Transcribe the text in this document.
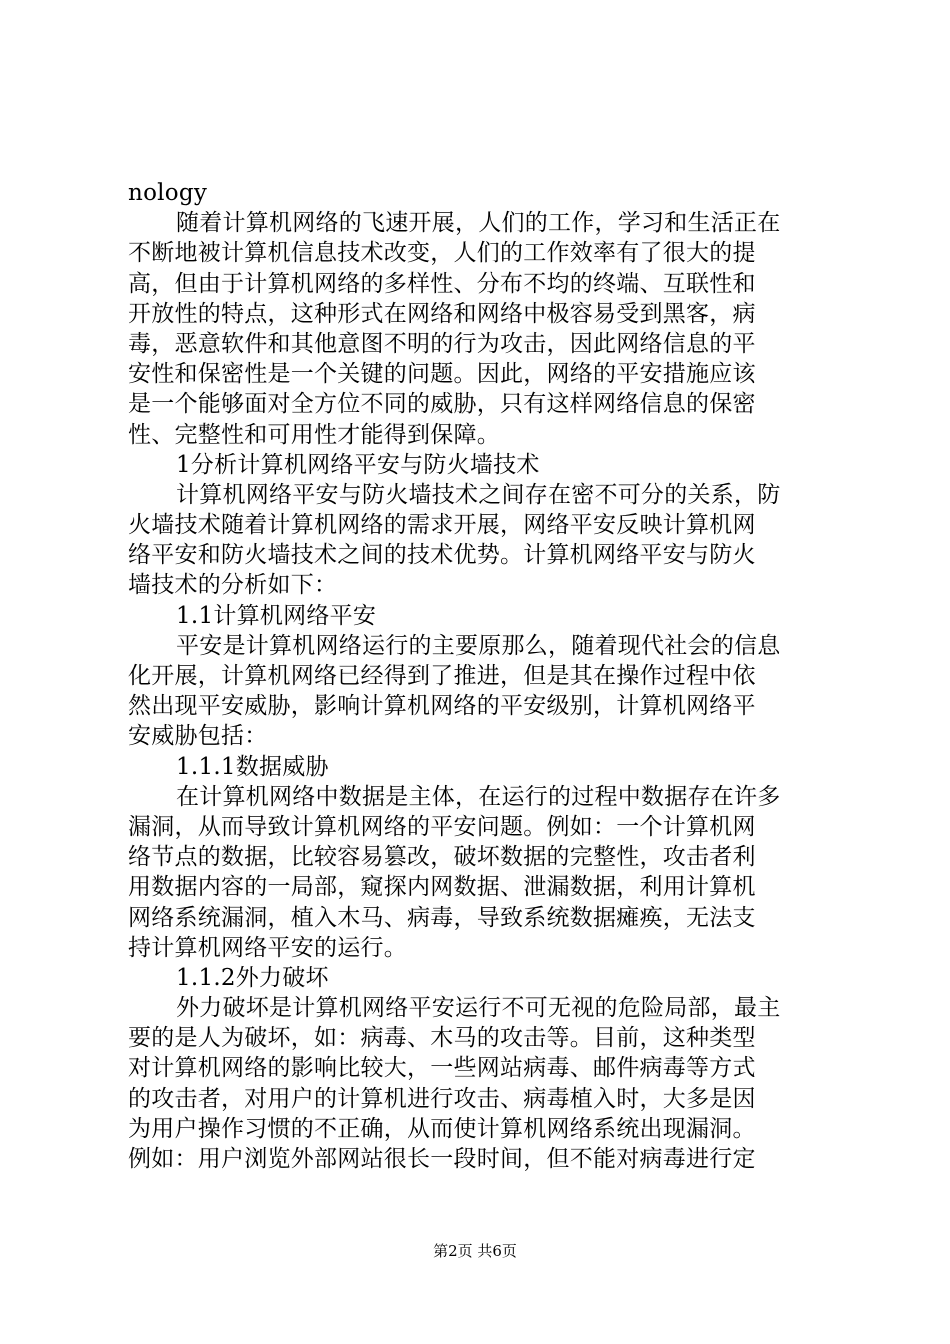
nology
随着计算机网络的飞速开展，人们的工作，学习和生活正在
不断地被计算机信息技术改变，人们的工作效率有了很大的提
高，但由于计算机网络的多样性、分布不均的终端、互联性和
开放性的特点，这种形式在网络和网络中极容易受到黑客，病
毒，恶意软件和其他意图不明的行为攻击，因此网络信息的平
安性和保密性是一个关键的问题。因此，网络的平安措施应该
是一个能够面对全方位不同的威胁，只有这样网络信息的保密
性、完整性和可用性才能得到保障。
1分析计算机网络平安与防火墙技术
计算机网络平安与防火墙技术之间存在密不可分的关系，防
火墙技术随着计算机网络的需求开展，网络平安反映计算机网
络平安和防火墙技术之间的技术优势。计算机网络平安与防火
墙技术的分析如下：
1.1计算机网络平安
平安是计算机网络运行的主要原那么，随着现代社会的信息
化开展，计算机网络已经得到了推进，但是其在操作过程中依
然出现平安威胁，影响计算机网络的平安级别，计算机网络平
安威胁包括：
1.1.1数据威胁
在计算机网络中数据是主体，在运行的过程中数据存在许多
漏洞，从而导致计算机网络的平安问题。例如：一个计算机网
络节点的数据，比较容易篡改，破坏数据的完整性，攻击者利
用数据内容的一局部，窥探内网数据、泄漏数据，利用计算机
网络系统漏洞，植入木马、病毒，导致系统数据瘫痪，无法支
持计算机网络平安的运行。
1.1.2外力破坏
外力破坏是计算机网络平安运行不可无视的危险局部，最主
要的是人为破坏，如：病毒、木马的攻击等。目前，这种类型
对计算机网络的影响比较大，一些网站病毒、邮件病毒等方式
的攻击者，对用户的计算机进行攻击、病毒植入时，大多是因
为用户操作习惯的不正确，从而使计算机网络系统出现漏洞。
例如：用户浏览外部网站很长一段时间，但不能对病毒进行定
第2页 共6页
